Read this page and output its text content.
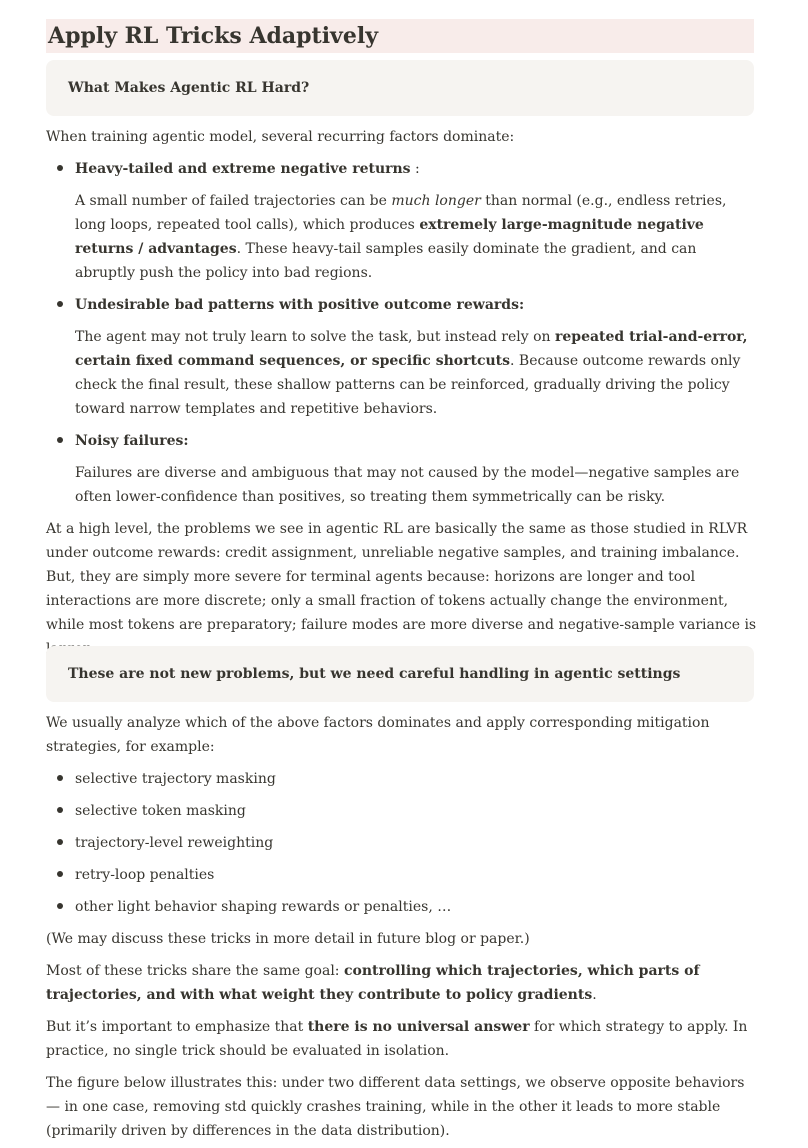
Apply RL Tricks Adaptively
What Makes Agentic RL Hard?

When training agentic model, several recurring factors dominate:

Heavy-tailed and extreme negative returns :

A small number of failed trajectories can be much longer than normal (e.g., endless retries, long loops, repeated tool calls), which produces extremely large-magnitude negative returns / advantages. These heavy-tail samples easily dominate the gradient, and can abruptly push the policy into bad regions.

Undesirable bad patterns with positive outcome rewards:

The agent may not truly learn to solve the task, but instead rely on repeated trial-and-error, certain fixed command sequences, or specific shortcuts. Because outcome rewards only check the final result, these shallow patterns can be reinforced, gradually driving the policy toward narrow templates and repetitive behaviors.

Noisy failures:

Failures are diverse and ambiguous that may not caused by the model—negative samples are often lower-confidence than positives, so treating them symmetrically can be risky.

At a high level, the problems we see in agentic RL are basically the same as those studied in RLVR under outcome rewards: credit assignment, unreliable negative samples, and training imbalance. But, they are simply more severe for terminal agents because: horizons are longer and tool interactions are more discrete; only a small fraction of tokens actually change the environment, while most tokens are preparatory; failure modes are more diverse and negative-sample variance is

These are not new problems, but we need careful handling in agentic settings

We usually analyze which of the above factors dominates and apply corresponding mitigation strategies, for example:

selective trajectory masking

selective token masking

trajectory-level reweighting

retry-loop penalties

other light behavior shaping rewards or penalties, …

(We may discuss these tricks in more detail in future blog or paper.)

Most of these tricks share the same goal: controlling which trajectories, which parts of trajectories, and with what weight they contribute to policy gradients.

But it’s important to emphasize that there is no universal answer for which strategy to apply. In practice, no single trick should be evaluated in isolation.

The figure below illustrates this: under two different data settings, we observe opposite behaviors— in one case, removing std quickly crashes training, while in the other it leads to more stable (primarily driven by differences in the data distribution).
